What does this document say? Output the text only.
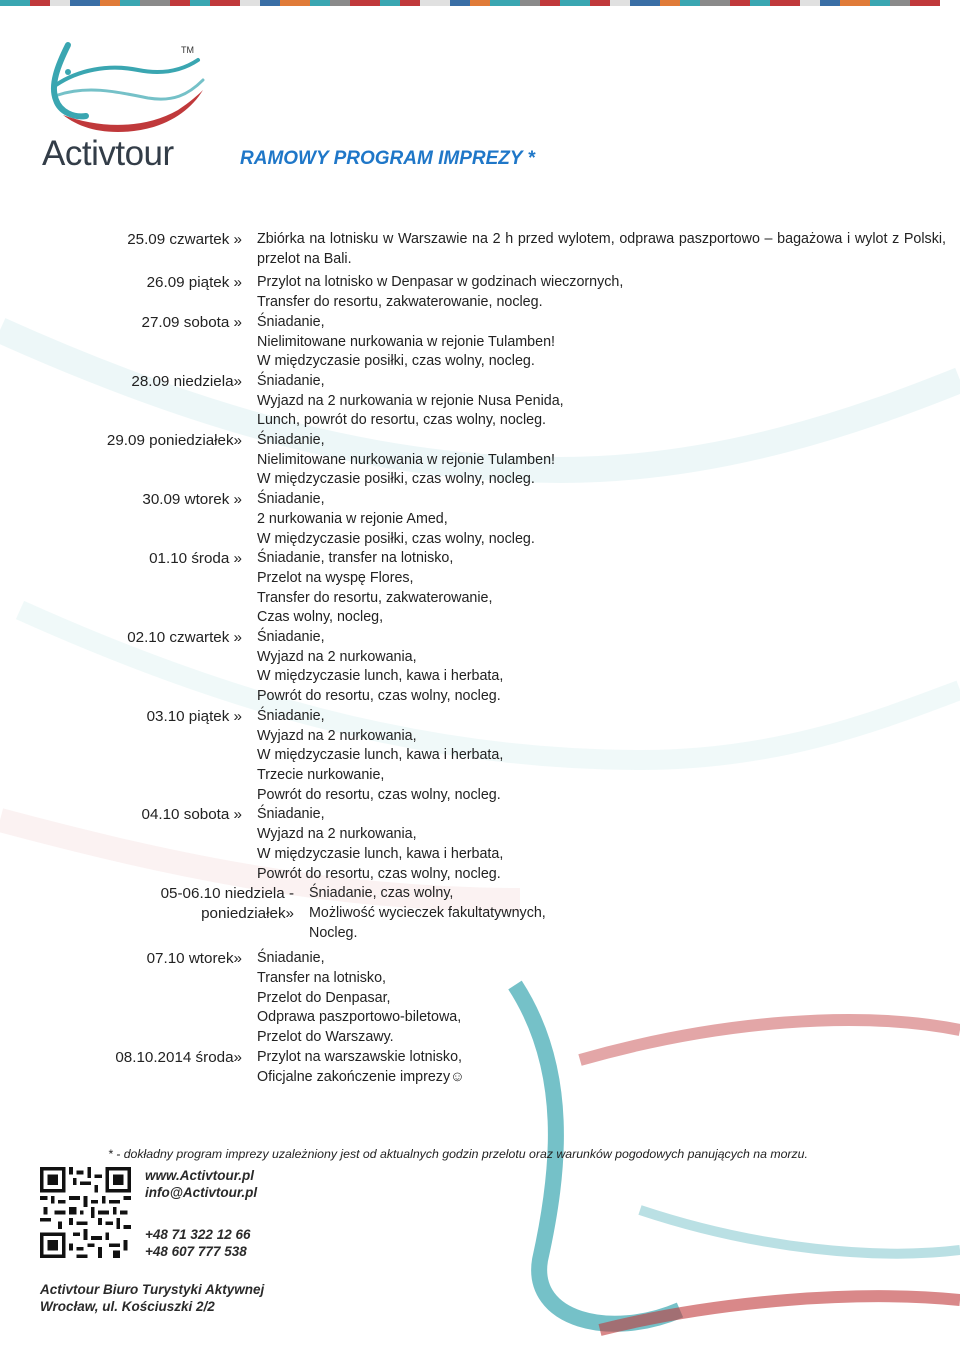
TM
Activtour	RAMOWY PROGRAM IMPREZY *
25.09 czwartek »	Zbiórka na lotnisku w Warszawie na 2 h przed wylotem, odprawa paszportowo – bagażowa i wylot z Polski, przelot na Bali.
26.09 piątek »	Przylot na lotnisko w Denpasar w godzinach wieczornych,
Transfer do resortu, zakwaterowanie, nocleg.
27.09 sobota »	Śniadanie,
Nielimitowane nurkowania w rejonie Tulamben!
W międzyczasie posiłki, czas wolny, nocleg.
28.09 niedziela»	Śniadanie,
Wyjazd na 2 nurkowania w rejonie Nusa Penida,
Lunch, powrót do resortu, czas wolny, nocleg.
29.09 poniedziałek»	Śniadanie,
Nielimitowane nurkowania w rejonie Tulamben!
W międzyczasie posiłki, czas wolny, nocleg.
30.09 wtorek »	Śniadanie,
2 nurkowania w rejonie Amed,
W międzyczasie posiłki, czas wolny, nocleg.
01.10 środa »	Śniadanie, transfer na lotnisko,
Przelot na wyspę Flores,
Transfer do resortu, zakwaterowanie,
Czas wolny, nocleg,
02.10 czwartek »	Śniadanie,
Wyjazd na 2 nurkowania,
W międzyczasie lunch, kawa i herbata,
Powrót do resortu, czas wolny, nocleg.
03.10 piątek »	Śniadanie,
Wyjazd na 2 nurkowania,
W międzyczasie lunch, kawa i herbata,
Trzecie nurkowanie,
Powrót do resortu, czas wolny, nocleg.
04.10 sobota »	Śniadanie,
Wyjazd na 2 nurkowania,
W międzyczasie lunch, kawa i herbata,
Powrót do resortu, czas wolny, nocleg.
05-06.10 niedziela - poniedziałek»
Śniadanie, czas wolny,
Możliwość wycieczek fakultatywnych,
Nocleg.
07.10 wtorek»	Śniadanie,
Transfer na lotnisko,
Przelot do Denpasar,
Odprawa paszportowo-biletowa,
Przelot do Warszawy.
08.10.2014 środa»	Przylot na warszawskie lotnisko,
Oficjalne zakończenie imprezy☺
* - dokładny program imprezy uzależniony jest od aktualnych godzin przelotu oraz warunków pogodowych panujących na morzu.
www.Activtour.pl
info@Activtour.pl
+48 71 322 12 66
+48 607 777 538
Activtour Biuro Turystyki Aktywnej
Wrocław, ul. Kościuszki 2/2
